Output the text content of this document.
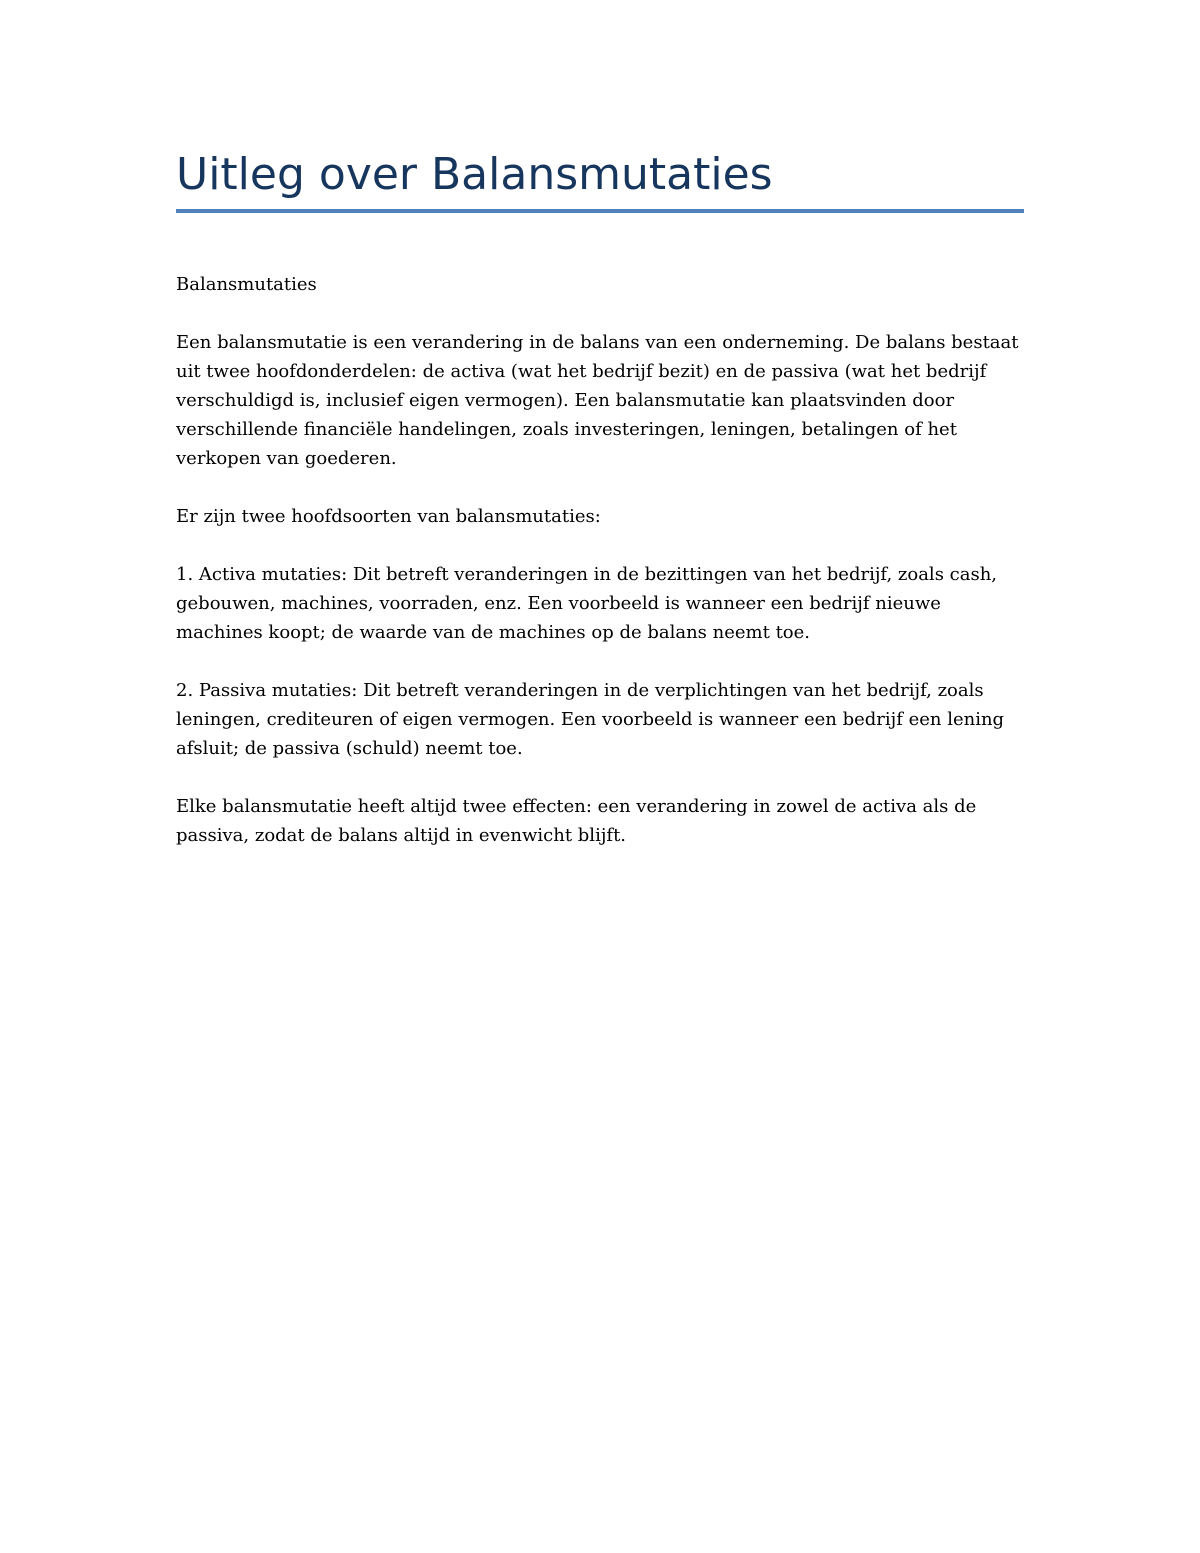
Uitleg over Balansmutaties

Balansmutaties

Een balansmutatie is een verandering in de balans van een onderneming. De balans bestaat uit twee hoofdonderdelen: de activa (wat het bedrijf bezit) en de passiva (wat het bedrijf verschuldigd is, inclusief eigen vermogen). Een balansmutatie kan plaatsvinden door verschillende financiële handelingen, zoals investeringen, leningen, betalingen of het verkopen van goederen.

Er zijn twee hoofdsoorten van balansmutaties:

1. Activa mutaties: Dit betreft veranderingen in de bezittingen van het bedrijf, zoals cash, gebouwen, machines, voorraden, enz. Een voorbeeld is wanneer een bedrijf nieuwe machines koopt; de waarde van de machines op de balans neemt toe.

2. Passiva mutaties: Dit betreft veranderingen in de verplichtingen van het bedrijf, zoals leningen, crediteuren of eigen vermogen. Een voorbeeld is wanneer een bedrijf een lening afsluit; de passiva (schuld) neemt toe.

Elke balansmutatie heeft altijd twee effecten: een verandering in zowel de activa als de passiva, zodat de balans altijd in evenwicht blijft.
